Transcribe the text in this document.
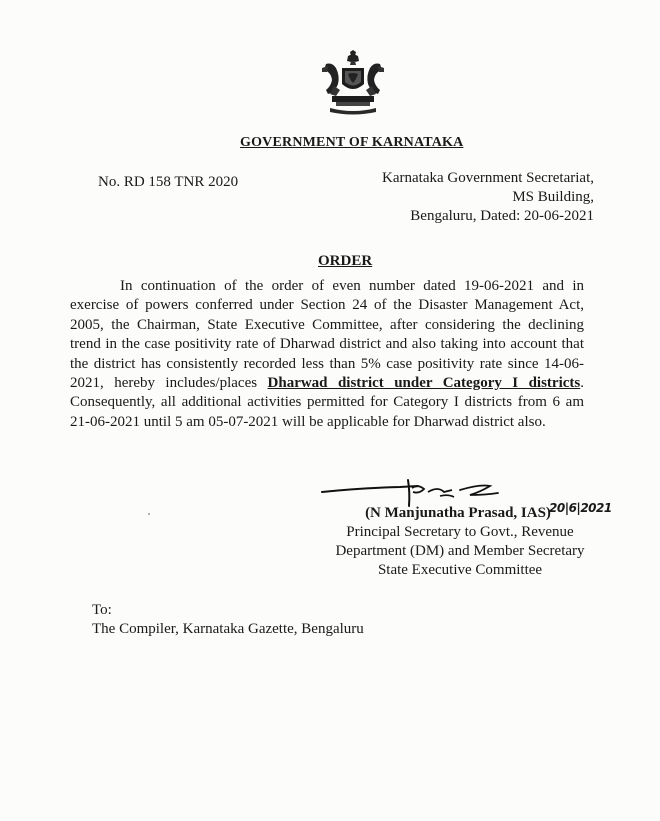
GOVERNMENT OF KARNATAKA
No. RD 158 TNR 2020	Karnataka Government Secretariat,
MS Building,
Bengaluru, Dated: 20-06-2021
ORDER
In continuation of the order of even number dated 19-06-2021 and in exercise of powers conferred under Section 24 of the Disaster Management Act, 2005, the Chairman, State Executive Committee, after considering the declining trend in the case positivity rate of Dharwad district and also taking into account that the district has consistently recorded less than 5% case positivity rate since 14-06-2021, hereby includes/places Dharwad district under Category I districts. Consequently, all additional activities permitted for Category I districts from 6 am 21-06-2021 until 5 am 05-07-2021 will be applicable for Dharwad district also.
20|6|2021
(N Manjunatha Prasad, IAS)
Principal Secretary to Govt., Revenue
Department (DM) and Member Secretary
State Executive Committee
To:
The Compiler, Karnataka Gazette, Bengaluru
